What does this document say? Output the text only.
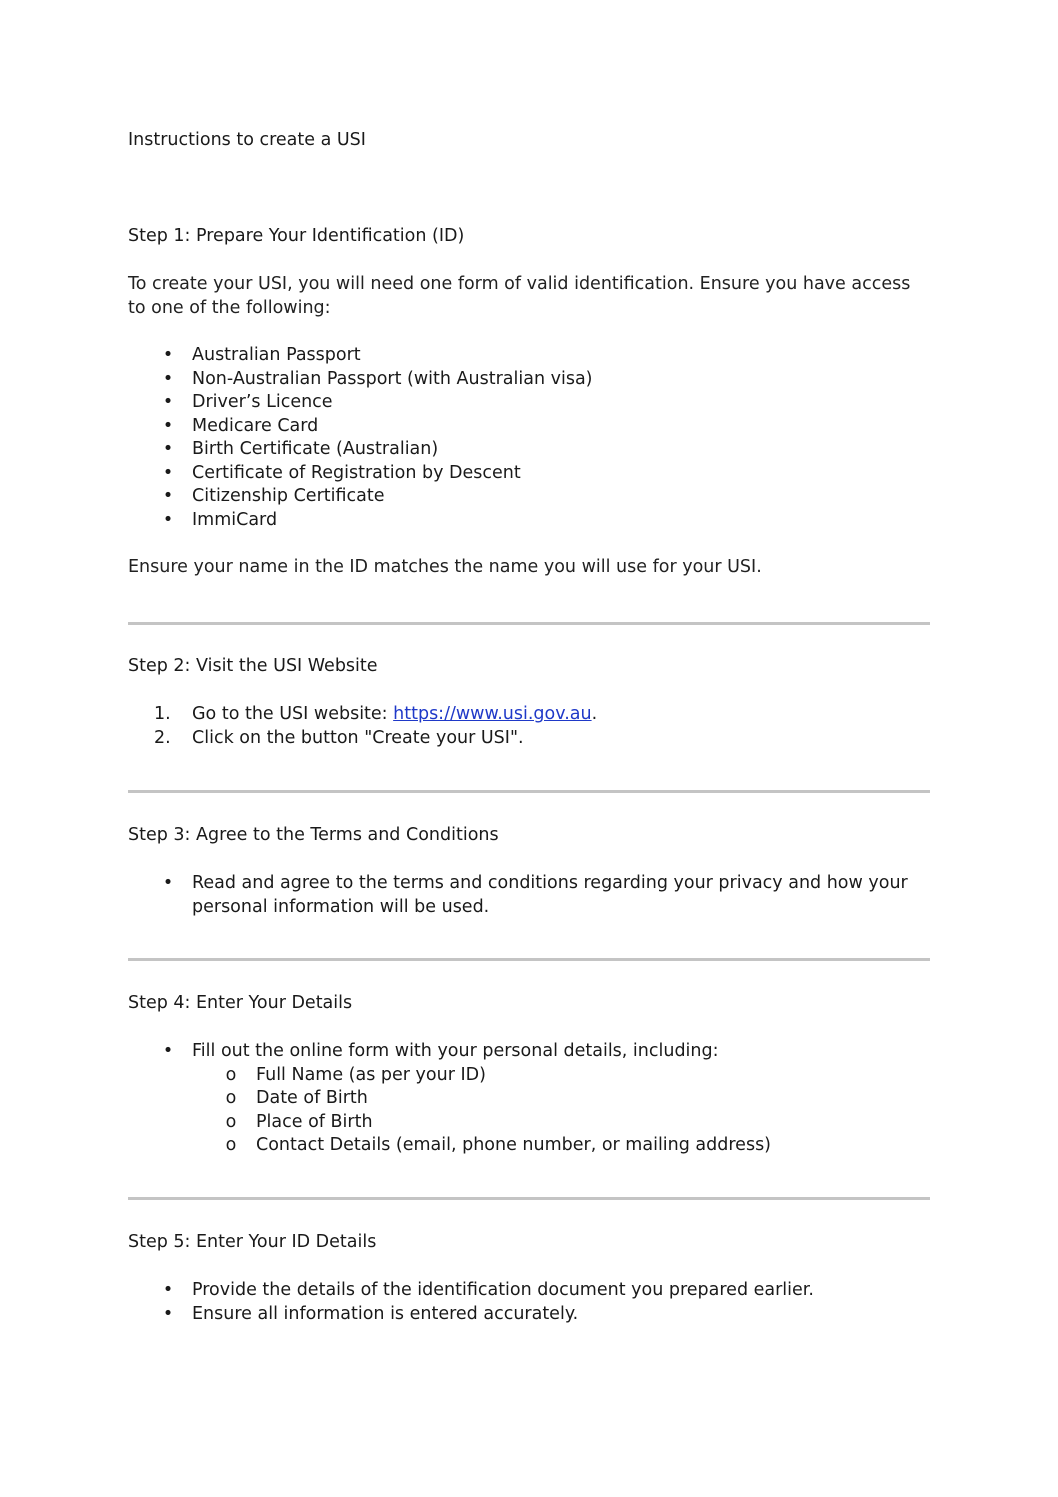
Instructions to create a USI
Step 1: Prepare Your Identification (ID)

To create your USI, you will need one form of valid identification. Ensure you have access to one of the following:

• Australian Passport
• Non-Australian Passport (with Australian visa)
• Driver’s Licence
• Medicare Card
• Birth Certificate (Australian)
• Certificate of Registration by Descent
• Citizenship Certificate
• ImmiCard

Ensure your name in the ID matches the name you will use for your USI.

Step 2: Visit the USI Website
1.	Go to the USI website: https://www.usi.gov.au.
2.	Click on the button "Create your USI".
Step 3: Agree to the Terms and Conditions
• Read and agree to the terms and conditions regarding your privacy and how your personal information will be used.
Step 4: Enter Your Details
• Fill out the online form with your personal details, including:
o Full Name (as per your ID)
o Date of Birth
o Place of Birth
o Contact Details (email, phone number, or mailing address)
Step 5: Enter Your ID Details
• Provide the details of the identification document you prepared earlier.
• Ensure all information is entered accurately.
